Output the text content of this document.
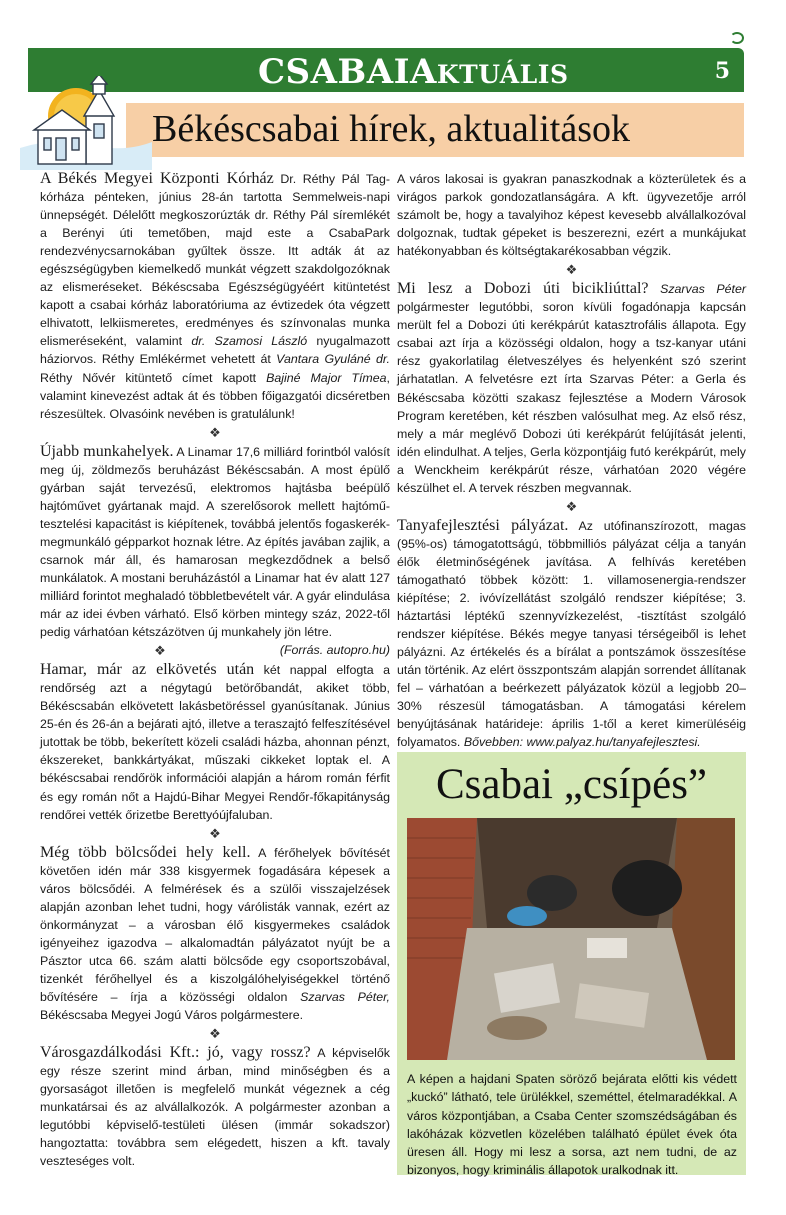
CSABAIAKTUÁLIS	5
Békéscsabai hírek, aktualitások

A Békés Megyei Központi Kórház Dr. Réthy Pál Tag-kórháza pénteken, június 28-án tartotta Semmelweis-napi ünnepségét. Délelőtt megkoszorúzták dr. Réthy Pál síremlékét a Berényi úti temetőben, majd este a CsabaPark rendezvénycsarnokában gyűltek össze. Itt adták át az egészségügyben kiemelkedő munkát végzett szakdolgozóknak az elismeréseket. Békéscsaba Egészségügyéért kitüntetést kapott a csabai kórház laboratóriuma az évtizedek óta végzett elhivatott, lelkiismeretes, eredményes és színvonalas munka elismeréseként, valamint dr. Szamosi László nyugalmazott háziorvos. Réthy Emlékérmet vehetett át Vantara Gyuláné dr. Réthy Nővér kitüntető címet kapott Bajiné Major Tímea, valamint kinevezést adtak át és többen főigazgatói dicséretben részesültek. Olvasóink nevében is gratulálunk!

❖

Újabb munkahelyek. A Linamar 17,6 milliárd forintból valósít meg új, zöldmezős beruházást Békéscsabán. A most épülő gyárban saját tervezésű, elektromos hajtásba beépülő hajtóművet gyártanak majd. A szerelősorok mellett hajtómű-tesztelési kapacitást is kiépítenek, továbbá jelentős fogaskerék-megmunkáló gépparkot hoznak létre. Az építés javában zajlik, a csarnok már áll, és hamarosan megkezdődnek a belső munkálatok. A mostani beruházástól a Linamar hat év alatt 127 milliárd forintot meghaladó többletbevételt vár. A gyár elindulása már az idei évben várható. Első körben mintegy száz, 2022-től pedig várhatóan kétszázötven új munkahely jön létre.
(Forrás. autopro.hu)

❖

Hamar, már az elkövetés után két nappal elfogta a rendőrség azt a négytagú betörőbandát, akiket több, Békéscsabán elkövetett lakásbetöréssel gyanúsítanak. Június 25-én és 26-án a bejárati ajtó, illetve a teraszajtó felfeszítésével jutottak be több, bekerített közeli családi házba, ahonnan pénzt, ékszereket, bankkártyákat, műszaki cikkeket loptak el. A békéscsabai rendőrök információi alapján a három román férfit és egy román nőt a Hajdú-Bihar Megyei Rendőr-főkapitányság rendőrei vették őrizetbe Berettyóújfaluban.

❖

Még több bölcsődei hely kell. A férőhelyek bővítését követően idén már 338 kisgyermek fogadására képesek a város bölcsődéi. A felmérések és a szülői visszajelzések alapján azonban lehet tudni, hogy várólisták vannak, ezért az önkormányzat – a városban élő kisgyermekes családok igényeihez igazodva – alkalomadtán pályázatot nyújt be a Pásztor utca 66. szám alatti bölcsőde egy csoportszobával, tizenkét férőhellyel és a kiszolgálóhelyiségekkel történő bővítésére – írja a közösségi oldalon Szarvas Péter, Békéscsaba Megyei Jogú Város polgármestere.

❖

Városgazdálkodási Kft.: jó, vagy rossz? A képviselők egy része szerint mind árban, mind minőségben és a gyorsaságot illetően is megfelelő munkát végeznek a cég munkatársai és az alvállalkozók. A polgármester azonban a legutóbbi képviselő-testületi ülésen (immár sokadszor) hangoztatta: továbbra sem elégedett, hiszen a kft. tavaly veszteséges volt.

A város lakosai is gyakran panaszkodnak a közterületek és a virágos parkok gondozatlanságára. A kft. ügyvezetője arról számolt be, hogy a tavalyihoz képest kevesebb alvállalkozóval dolgoznak, tudtak gépeket is beszerezni, ezért a munkájukat hatékonyabban és költségtakarékosabban végzik.

❖

Mi lesz a Dobozi úti bicikliúttal? Szarvas Péter polgármester legutóbbi, soron kívüli fogadónapja kapcsán merült fel a Dobozi úti kerékpárút katasztrofális állapota. Egy csabai azt írja a közösségi oldalon, hogy a tsz-kanyar utáni rész gyakorlatilag életveszélyes és helyenként szó szerint járhatatlan. A felvetésre ezt írta Szarvas Péter: a Gerla és Békéscsaba közötti szakasz fejlesztése a Modern Városok Program keretében, két részben valósulhat meg. Az első rész, mely a már meglévő Dobozi úti kerékpárút felújítását jelenti, idén elindulhat. A teljes, Gerla központjáig futó kerékpárút, mely a Wenckheim kerékpárút része, várhatóan 2020 végére készülhet el. A tervek részben megvannak.

❖

Tanyafejlesztési pályázat. Az utófinanszírozott, magas (95%-os) támogatottságú, többmilliós pályázat célja a tanyán élők életminőségének javítása. A felhívás keretében támogatható többek között: 1. villamosenergia-rendszer kiépítése; 2. ivóvízellátást szolgáló rendszer kiépítése; 3. háztartási léptékű szennyvízkezelést, -tisztítást szolgáló rendszer kiépítése. Békés megye tanyasi térségeiből is lehet pályázni. Az értékelés és a bírálat a pontszámok összesítése után történik. Az elért összpontszám alapján sorrendet állítanak fel – várhatóan a beérkezett pályázatok közül a legjobb 20–30% részesül támogatásban. A támogatási kérelem benyújtásának határideje: április 1-től a keret kimerüléséig folyamatos. Bővebben: www.palyaz.hu/tanyafejlesztesi.

Csabai „csípés”
A képen a hajdani Spaten söröző bejárata előtti kis védett „kuckó” látható, tele ürülékkel, szeméttel, ételmaradékkal. A város központjában, a Csaba Center szomszédságában és lakóházak közvetlen közelében található épület évek óta üresen áll. Hogy mi lesz a sorsa, azt nem tudni, de az bizonyos, hogy kriminális állapotok uralkodnak itt.
